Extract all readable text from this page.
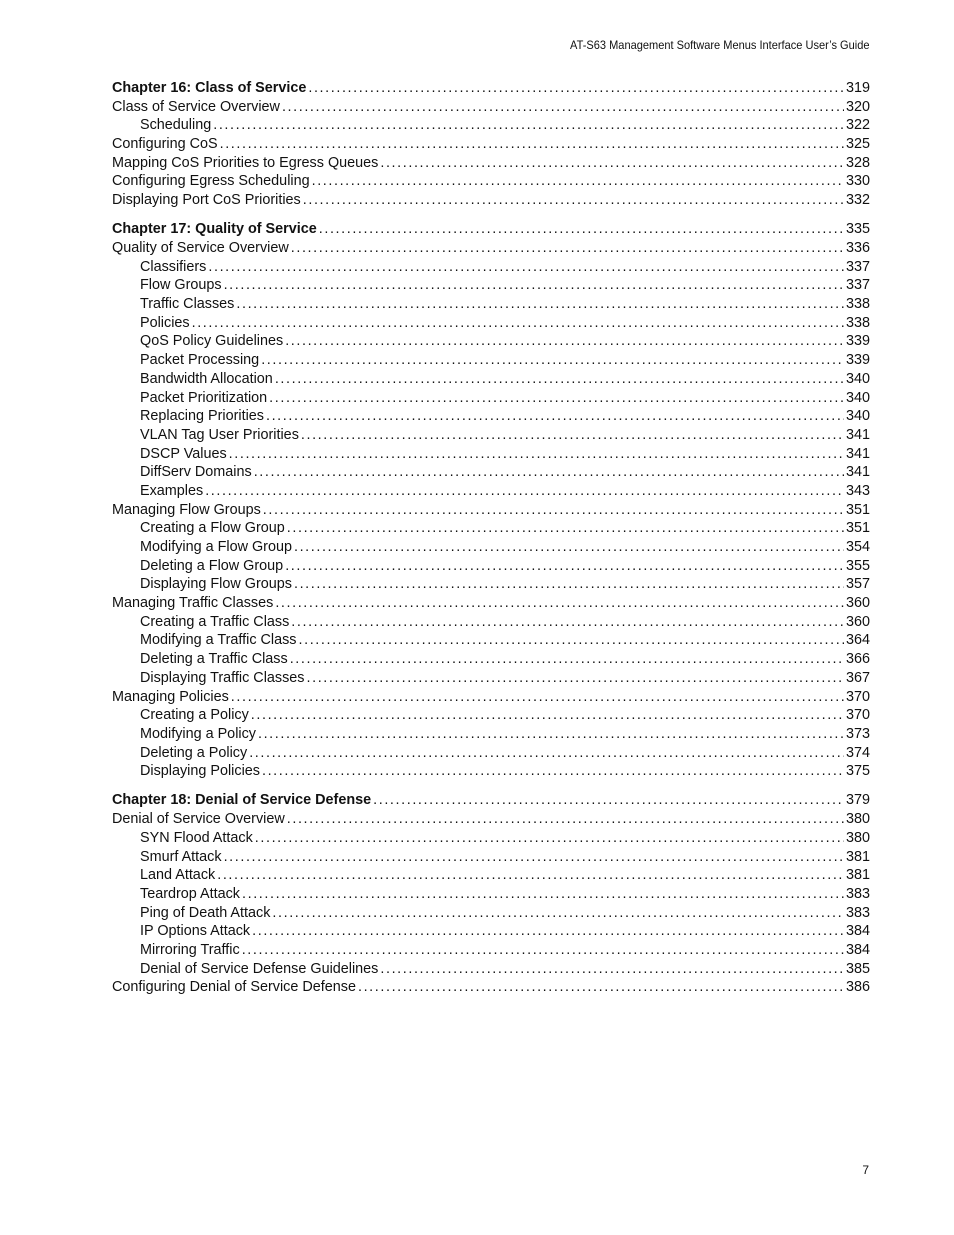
AT-S63 Management Software Menus Interface User’s Guide
Chapter 16: Class of Service . . .	319
Class of Service Overview . . .	320
Scheduling . . .	322
Configuring CoS . . .	325
Mapping CoS Priorities to Egress Queues . . .	328
Configuring Egress Scheduling . . .	330
Displaying Port CoS Priorities . . .	332
Chapter 17: Quality of Service . . .	335
Quality of Service Overview . . .	336
Classifiers . . .	337
Flow Groups . . .	337
Traffic Classes . . .	338
Policies . . .	338
QoS Policy Guidelines . . .	339
Packet Processing . . .	339
Bandwidth Allocation . . .	340
Packet Prioritization . . .	340
Replacing Priorities . . .	340
VLAN Tag User Priorities . . .	341
DSCP Values . . .	341
DiffServ Domains . . .	341
Examples . . .	343
Managing Flow Groups . . .	351
Creating a Flow Group . . .	351
Modifying a Flow Group . . .	354
Deleting a Flow Group . . .	355
Displaying Flow Groups . . .	357
Managing Traffic Classes . . .	360
Creating a Traffic Class . . .	360
Modifying a Traffic Class . . .	364
Deleting a Traffic Class . . .	366
Displaying Traffic Classes . . .	367
Managing Policies . . .	370
Creating a Policy . . .	370
Modifying a Policy . . .	373
Deleting a Policy . . .	374
Displaying Policies . . .	375
Chapter 18: Denial of Service Defense . . .	379
Denial of Service Overview . . .	380
SYN Flood Attack . . .	380
Smurf Attack . . .	381
Land Attack . . .	381
Teardrop Attack . . .	383
Ping of Death Attack . . .	383
IP Options Attack . . .	384
Mirroring Traffic . . .	384
Denial of Service Defense Guidelines . . .	385
Configuring Denial of Service Defense . . .	386
7
